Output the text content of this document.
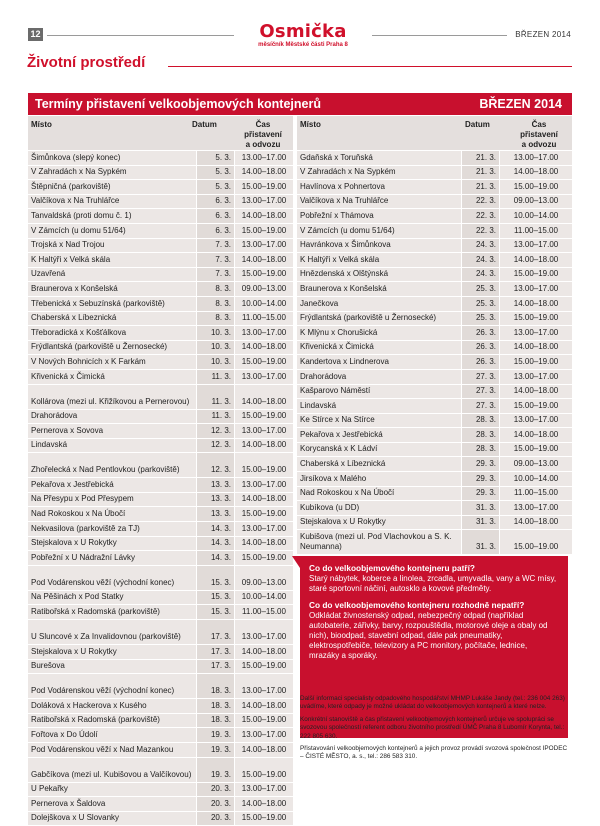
12	Osmička
měsíčník Městské části Praha 8
BŘEZEN 2014
Životní prostředí
Termíny přistavení velkoobjemových kontejnerů	BŘEZEN 2014
Místo	Datum	Čas
přistavení
a odvozu
Šimůnkova (slepý konec)	5. 3. 13.00–17.00
V Zahradách x Na Sypkém	5. 3. 14.00–18.00
Štěpničná (parkoviště)	5. 3. 15.00–19.00
Valčíkova x Na Truhlářce	6. 3. 13.00–17.00
Tanvaldská (proti domu č. 1)	6. 3. 14.00–18.00
V Zámcích (u domu 51/64)	6. 3. 15.00–19.00
Trojská x Nad Trojou	7. 3. 13.00–17.00
K Haltýři x Velká skála	7. 3. 14.00–18.00
Uzavřená	7. 3. 15.00–19.00
Braunerova x Konšelská	8. 3. 09.00–13.00
Třebenická x Sebuzínská (parkoviště)	8. 3. 10.00–14.00
Chaberská x Líbeznická	8. 3. 11.00–15.00
Třeboradická x Košťálkova	10. 3. 13.00–17.00
Frýdlantská (parkoviště u Žernosecké)	10. 3. 14.00–18.00
V Nových Bohnicích x K Farkám	10. 3. 15.00–19.00
Křivenická x Čimická	11. 3. 13.00–17.00
Kollárova (mezi ul. Křižíkovou a Pernerovou)	11. 3. 14.00–18.00
Drahorádova	11. 3. 15.00–19.00
Pernerova x Sovova	12. 3. 13.00–17.00
Lindavská	12. 3. 14.00–18.00
Zhořelecká x Nad Pentlovkou (parkoviště)	12. 3. 15.00–19.00
Pekařova x Jestřebická	13. 3. 13.00–17.00
Na Přesypu x Pod Přesypem	13. 3. 14.00–18.00
Nad Rokoskou x Na Úbočí	13. 3. 15.00–19.00
Nekvasilova (parkoviště za TJ)	14. 3. 13.00–17.00
Stejskalova x U Rokytky	14. 3. 14.00–18.00
Pobřežní x U Nádražní Lávky	14. 3. 15.00–19.00
Pod Vodárenskou věží (východní konec)	15. 3. 09.00–13.00
Na Pěšinách x Pod Statky	15. 3. 10.00–14.00
Ratibořská x Radomská (parkoviště)	15. 3. 11.00–15.00
U Sluncové x Za Invalidovnou (parkoviště)	17. 3. 13.00–17.00
Stejskalova x U Rokytky	17. 3. 14.00–18.00
Burešova	17. 3. 15.00–19.00
Pod Vodárenskou věží (východní konec)	18. 3. 13.00–17.00
Doláková x Hackerova x Kusého	18. 3. 14.00–18.00
Ratibořská x Radomská (parkoviště)	18. 3. 15.00–19.00
Fořtova x Do Údolí	19. 3. 13.00–17.00
Pod Vodárenskou věží x Nad Mazankou	19. 3. 14.00–18.00
Gabčíkova (mezi ul. Kubišovou a Valčíkovou) 19. 3. 15.00–19.00
U Pekařky	20. 3. 13.00–17.00
Pernerova x Šaldova	20. 3. 14.00–18.00
Dolejškova x U Slovanky	20. 3. 15.00–19.00
Místo	Datum	Čas
přistavení
a odvozu
Gdaňská x Toruňská	21. 3. 13.00–17.00
V Zahradách x Na Sypkém	21. 3. 14.00–18.00
Havlínova x Pohnertova	21. 3. 15.00–19.00
Valčíkova x Na Truhlářce	22. 3. 09.00–13.00
Pobřežní x Thámova	22. 3. 10.00–14.00
V Zámcích (u domu 51/64)	22. 3. 11.00–15.00
Havránkova x Šimůnkova	24. 3. 13.00–17.00
K Haltýři x Velká skála	24. 3. 14.00–18.00
Hnězdenská x Olštýnská	24. 3. 15.00–19.00
Braunerova x Konšelská	25. 3. 13.00–17.00
Janečkova	25. 3. 14.00–18.00
Frýdlantská (parkoviště u Žernosecké)	25. 3. 15.00–19.00
K Mlýnu x Chorušická	26. 3. 13.00–17.00
Křivenická x Čimická	26. 3. 14.00–18.00
Kandertova x Lindnerova	26. 3. 15.00–19.00
Drahorádova	27. 3. 13.00–17.00
Kašparovo Náměstí	27. 3. 14.00–18.00
Lindavská	27. 3. 15.00–19.00
Ke Stírce x Na Stírce	28. 3. 13.00–17.00
Pekařova x Jestřebická	28. 3. 14.00–18.00
Korycanská x K Ládví	28. 3. 15.00–19.00
Chaberská x Líbeznická	29. 3. 09.00–13.00
Jirsíkova x Malého	29. 3. 10.00–14.00
Nad Rokoskou x Na Úbočí	29. 3. 11.00–15.00
Kubíkova (u DD)	31. 3. 13.00–17.00
Stejskalova x U Rokytky	31. 3. 14.00–18.00
Kubišova (mezi ul. Pod Vlachovkou a S. K. Neumanna)	31. 3. 15.00–19.00
Co do velkoobjemového kontejneru patří?

Starý nábytek, koberce a linolea, zrcadla, umyvadla, vany a WC mísy, staré sportovní náčiní, autosklo a kovové předměty.

Co do velkoobjemového kontejneru rozhodně nepatří?

Odkládat živnostenský odpad, nebezpečný odpad (například autobaterie, zářivky, barvy, rozpouštědla, motorové oleje a obaly od nich), bioodpad, stavební odpad, dále pak pneumatiky, elektrospotřebiče, televizory a PC monitory, počítače, lednice, mrazáky a sporáky.

Další informaci specialisty odpadového hospodářství MHMP Lukáše Jandy (tel.: 236 004 263) uvádíme, které odpady je možné ukládat do velkoobjemových kontejnerů a které nelze.

Konkrétní stanoviště a čas přistavení velkoobjemových kontejnerů určuje ve spolupráci se svozovou společností referent odboru životního prostředí ÚMČ Praha 8 Lubomír Korynta, tel.: 222 805 630.

Přistavování velkoobjemových kontejnerů a jejich provoz provádí svozová společnost IPODEC – ČISTÉ MĚSTO, a. s., tel.: 286 583 310.
